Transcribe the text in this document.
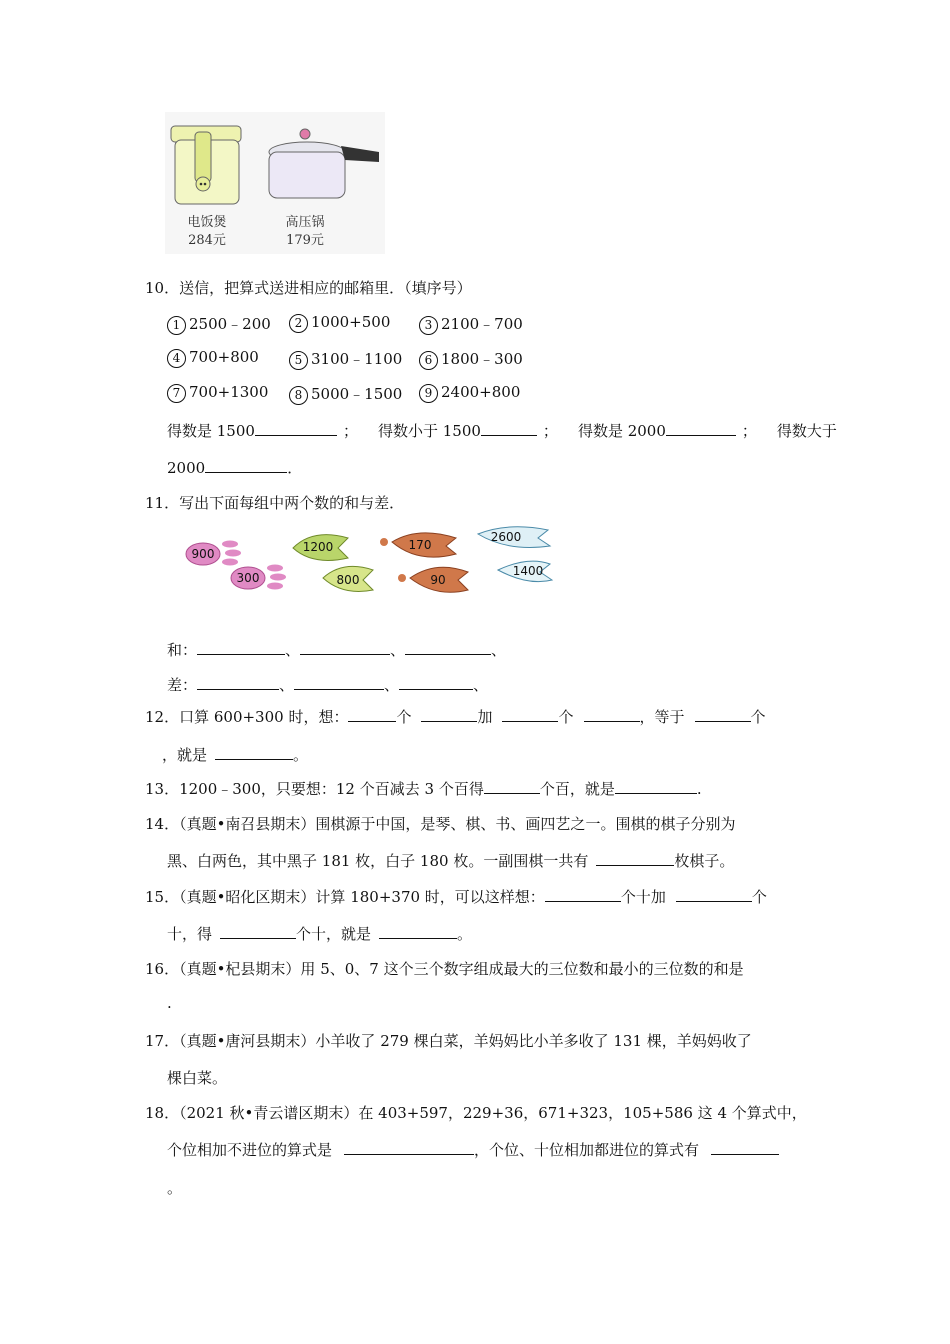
电饭煲
284元
高压锅
179元
10．送信，把算式送进相应的邮箱里．（填序号）
1 2500﹣200	2 1000+500	3 2100﹣700
4 700+800	5 3100﹣1100	6 1800﹣300
7 700+1300	8 5000﹣1500	9 2400+800
得数是 1500	； 得数小于 1500	； 得数是 2000	； 得数大于
2000	．
11．写出下面每组中两个数的和与差．
900
300
1200
800
170
90
2600
1400
和：	、	、	、
差：	、	、	、
12．口算 600+300 时，想：	个	加	个	，等于	个
，就是	。
13．1200﹣300，只要想：12 个百减去 3 个百得	个百，就是	.
14．（真题•南召县期末）围棋源于中国，是琴、棋、书、画四艺之一。围棋的棋子分别为
黑、白两色，其中黑子 181 枚，白子 180 枚。一副围棋一共有	枚棋子。
15．（真题•昭化区期末）计算 180+370 时，可以这样想：	个十加	个
十，得	个十，就是	。
16．（真题•杞县期末）用 5、0、7 这个三个数字组成最大的三位数和最小的三位数的和是
.
17．（真题•唐河县期末）小羊收了 279 棵白菜，羊妈妈比小羊多收了 131 棵，羊妈妈收了
棵白菜。
18．（2021 秋•青云谱区期末）在 403+597，229+36，671+323，105+586 这 4 个算式中，
个位相加不进位的算式是	，个位、十位相加都进位的算式有
。
